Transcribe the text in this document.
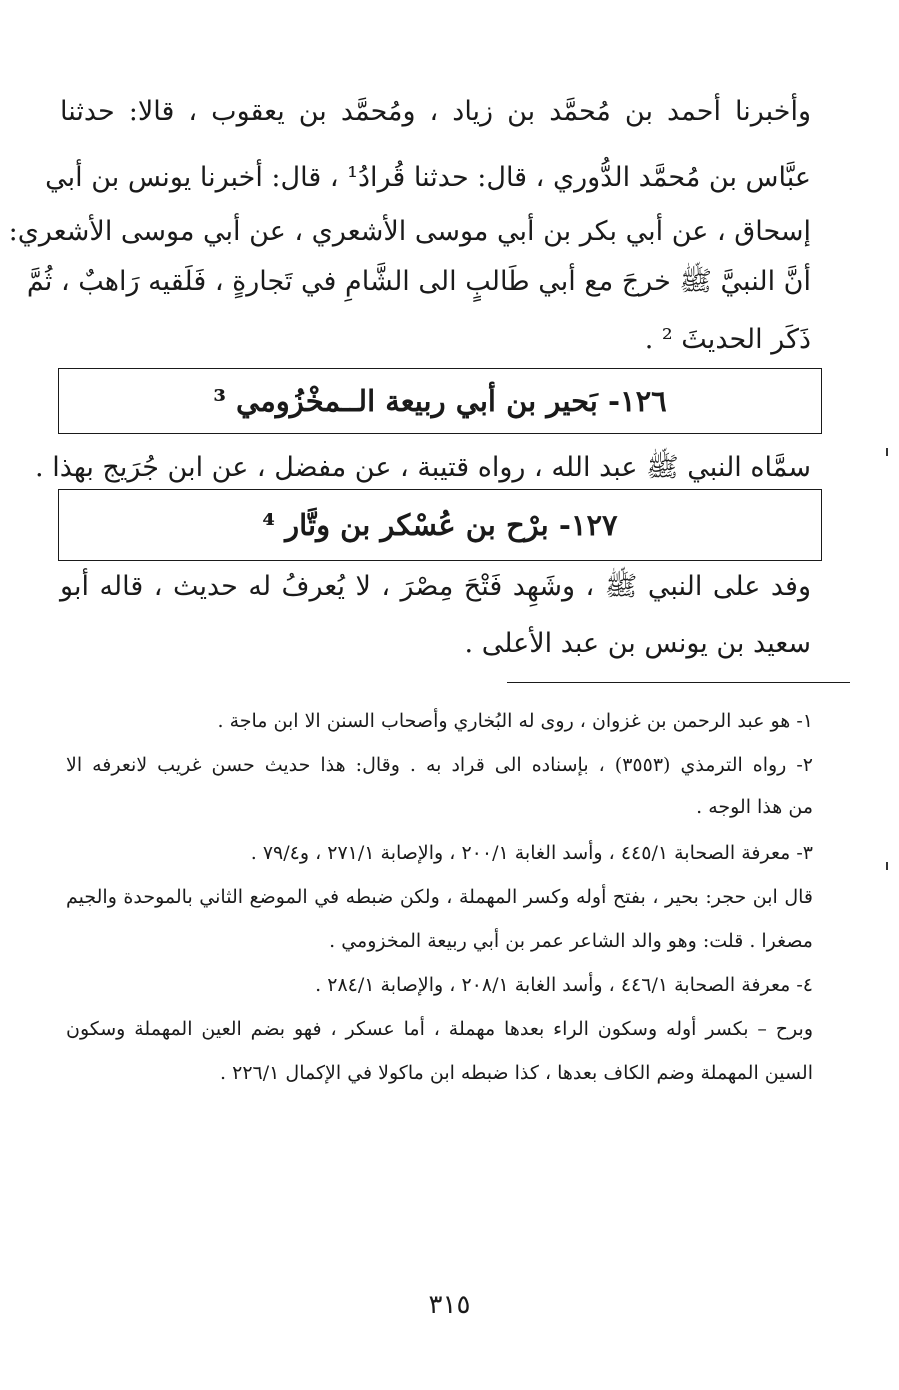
وأخبرنا أحمد بن مُحمَّد بن زياد ، ومُحمَّد بن يعقوب ، قالا: حدثنا
عبَّاس بن مُحمَّد الدُّوري ، قال: حدثنا قُرادُ¹ ، قال: أخبرنا يونس بن أبي
إسحاق ، عن أبي بكر بن أبي موسى الأشعري ، عن أبي موسى الأشعري:
أنَّ النبيَّ ﷺ خرجَ مع أبي طَالبٍ الى الشَّامِ في تَجارةٍ ، فَلَقيه رَاهبٌ ، ثُمَّ
ذَكَر الحديثَ ² .
١٢٦- بَحير بن أبي ربيعة الــمخْزُومي ³
سمَّاه النبي ﷺ عبد الله ، رواه قتيبة ، عن مفضل ، عن ابن جُرَيج بهذا .
١٢٧- برْح بن عُسْكر بن وتَّار ⁴
وفد على النبي ﷺ ، وشَهِد فَتْحَ مِصْرَ ، لا يُعرفُ له حديث ، قاله أبو
سعيد بن يونس بن عبد الأعلى .
١- هو عبد الرحمن بن غزوان ، روى له البُخاري وأصحاب السنن الا ابن ماجة .
٢- رواه الترمذي (٣٥٥٣) ، بإسناده الى قراد به . وقال: هذا حديث حسن غريب لانعرفه الا
من هذا الوجه .
٣- معرفة الصحابة ٤٤٥/١ ، وأسد الغابة ٢٠٠/١ ، والإصابة ٢٧١/١ ، و٧٩/٤ .
قال ابن حجر: بحير ، بفتح أوله وكسر المهملة ، ولكن ضبطه في الموضع الثاني بالموحدة والجيم
مصغرا . قلت: وهو والد الشاعر عمر بن أبي ربيعة المخزومي .
٤- معرفة الصحابة ٤٤٦/١ ، وأسد الغابة ٢٠٨/١ ، والإصابة ٢٨٤/١ .
وبرح – بكسر أوله وسكون الراء بعدها مهملة ، أما عسكر ، فهو بضم العين المهملة وسكون
السين المهملة وضم الكاف بعدها ، كذا ضبطه ابن ماكولا في الإكمال ٢٢٦/١ .
٣١٥
